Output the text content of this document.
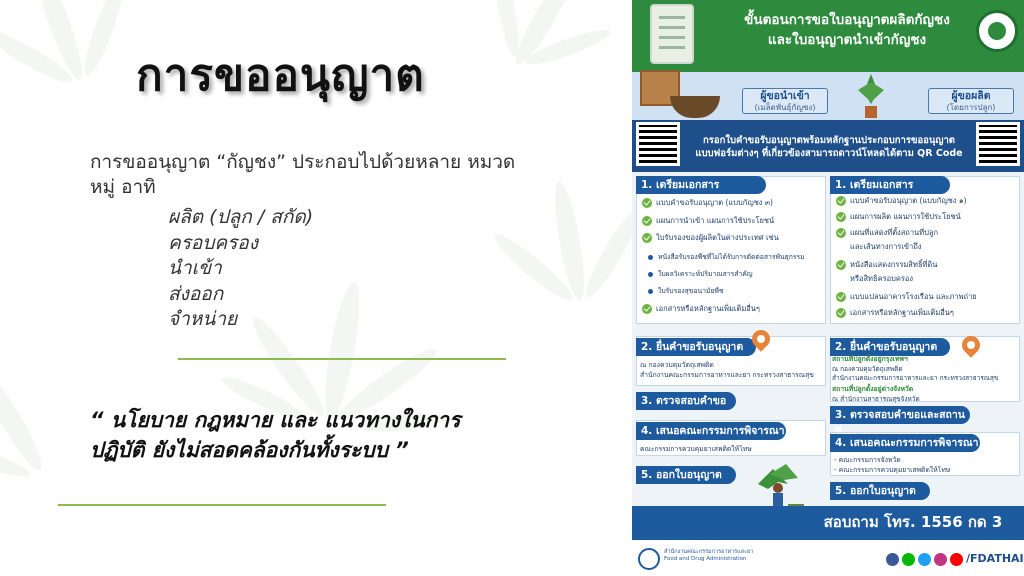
การขออนุญาต
การขออนุญาต “กัญชง” ประกอบไปด้วยหลาย หมวดหมู่ อาทิ
ผลิต (ปลูก / สกัด)
ครอบครอง
นำเข้า
ส่งออก
จำหน่าย
“ นโยบาย กฎหมาย และ แนวทางในการ
ปฏิบัติ ยังไม่สอดคล้องกันทั้งระบบ ”
ขั้นตอนการขอใบอนุญาตผลิตกัญชง
และใบอนุญาตนำเข้ากัญชง
ผู้ขอนำเข้า
(เมล็ดพันธุ์กัญชง)
ผู้ขอผลิต
(โดยการปลูก)
กรอกใบคำขอรับอนุญาตพร้อมหลักฐานประกอบการขออนุญาต
แบบฟอร์มต่างๆ ที่เกี่ยวข้องสามารถดาวน์โหลดได้ตาม QR Code
1. เตรียมเอกสาร
แบบคำขอรับอนุญาต (แบบกัญชง ๓)
แผนการนำเข้า แผนการใช้ประโยชน์
ใบรับรองของผู้ผลิตในต่างประเทศ เช่น
หนังสือรับรองพืชที่ไม่ได้รับการตัดต่อสารพันธุกรรม
ใบผลวิเคราะห์ปริมาณสารสำคัญ
ใบรับรองสุขอนามัยพืช
เอกสารหรือหลักฐานเพิ่มเติมอื่นๆ
2. ยื่นคำขอรับอนุญาต
ณ กองควบคุมวัตถุเสพติด
สำนักงานคณะกรรมการอาหารและยา กระทรวงสาธารณสุข
3. ตรวจสอบคำขอ
4. เสนอคณะกรรมการพิจารณา
คณะกรรมการควบคุมยาเสพติดให้โทษ
5. ออกใบอนุญาต
1. เตรียมเอกสาร
แบบคำขอรับอนุญาต (แบบกัญชง ๑)
แผนการผลิต แผนการใช้ประโยชน์
แผนที่แสดงที่ตั้งสถานที่ปลูก
และเส้นทางการเข้าถึง
หนังสือแสดงกรรมสิทธิ์ที่ดิน
หรือสิทธิครอบครอง
แบบแปลนอาคารโรงเรือน และภาพถ่าย
เอกสารหรือหลักฐานเพิ่มเติมอื่นๆ
2. ยื่นคำขอรับอนุญาต
สถานที่ปลูกตั้งอยู่กรุงเทพฯ
ณ กองควบคุมวัตถุเสพติด
สำนักงานคณะกรรมการอาหารและยา กระทรวงสาธารณสุข
สถานที่ปลูกตั้งอยู่ต่างจังหวัด
ณ สำนักงานสาธารณสุขจังหวัด
3. ตรวจสอบคำขอและสถาน
4. เสนอคณะกรรมการพิจารณา
- คณะกรรมการจังหวัด
- คณะกรรมการควบคุมยาเสพติดให้โทษ
5. ออกใบอนุญาต
สอบถาม โทร. 1556 กด 3
สำนักงานคณะกรรมการอาหารและยา
Food and Drug Administration	/FDATHAI
